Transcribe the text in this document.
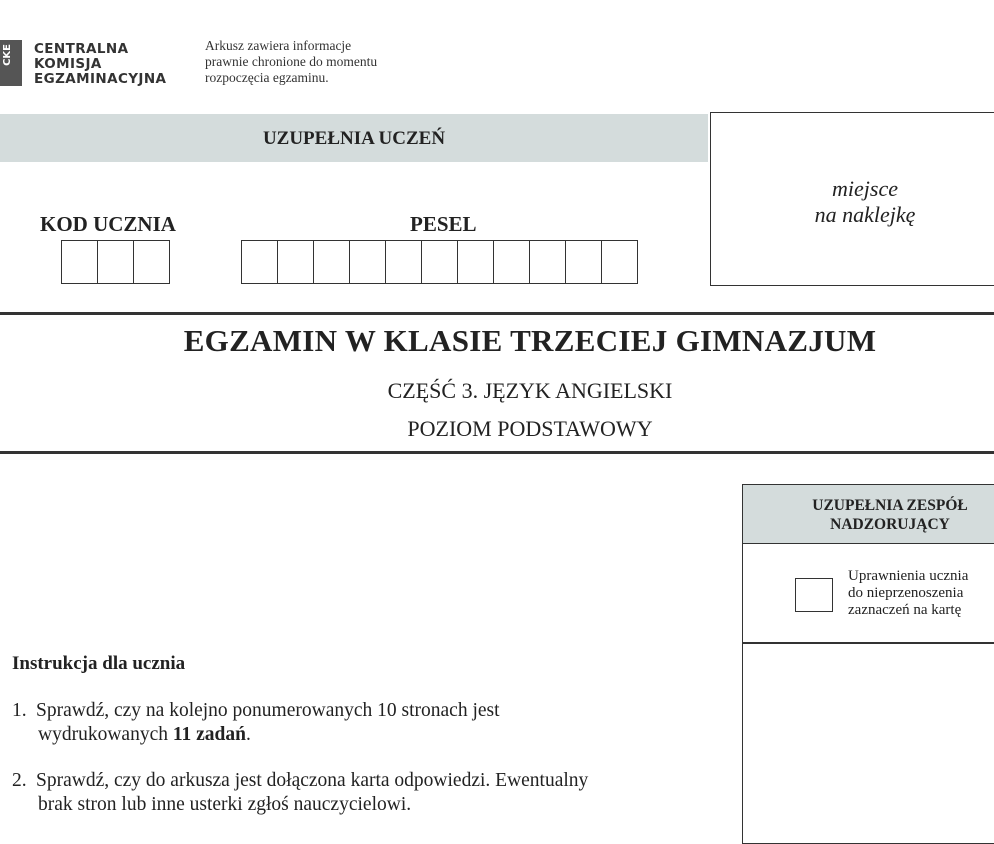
CKE CENTRALNA
KOMISJA
EGZAMINACYJNA
Arkusz zawiera informacje
prawnie chronione do momentu
rozpoczęcia egzaminu.
UZUPEŁNIA UCZEŃ
miejsce
na naklejkę
KOD UCZNIA	PESEL
EGZAMIN W KLASIE TRZECIEJ GIMNAZJUM
CZĘŚĆ 3. JĘZYK ANGIELSKI
POZIOM PODSTAWOWY
UZUPEŁNIA ZESPÓŁ
NADZORUJĄCY
Uprawnienia ucznia
do nieprzenoszenia
zaznaczeń na kartę
Instrukcja dla ucznia
1. Sprawdź, czy na kolejno ponumerowanych 10 stronach jest
wydrukowanych 11 zadań.
2. Sprawdź, czy do arkusza jest dołączona karta odpowiedzi. Ewentualny
brak stron lub inne usterki zgłoś nauczycielowi.
